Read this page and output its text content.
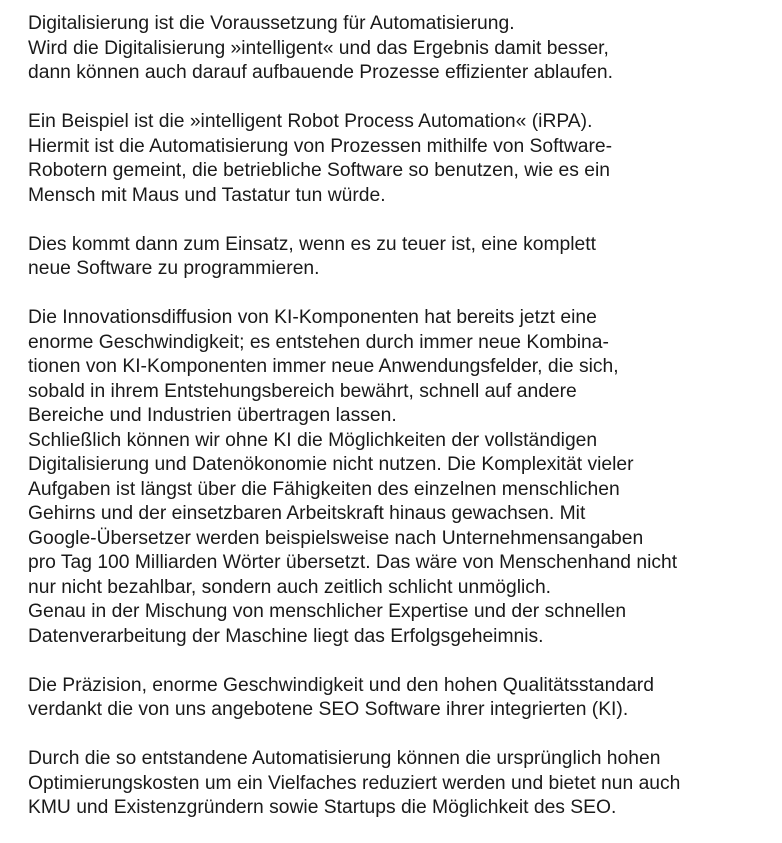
Digitalisierung ist die Voraussetzung für Automatisierung.
Wird die Digitalisierung »intelligent« und das Ergebnis damit besser,
dann können auch darauf aufbauende Prozesse effizienter ablaufen.

Ein Beispiel ist die »intelligent Robot Process Automation« (iRPA).
Hiermit ist die Automatisierung von Prozessen mithilfe von Software-
Robotern gemeint, die betriebliche Software so benutzen, wie es ein
Mensch mit Maus und Tastatur tun würde.

Dies kommt dann zum Einsatz, wenn es zu teuer ist, eine komplett
neue Software zu programmieren.

Die Innovationsdiffusion von KI-Komponenten hat bereits jetzt eine
enorme Geschwindigkeit; es entstehen durch immer neue Kombina-
tionen von KI-Komponenten immer neue Anwendungsfelder, die sich,
sobald in ihrem Entstehungsbereich bewährt, schnell auf andere
Bereiche und Industrien übertragen lassen.
Schließlich können wir ohne KI die Möglichkeiten der vollständigen
Digitalisierung und Datenökonomie nicht nutzen. Die Komplexität vieler
Aufgaben ist längst über die Fähigkeiten des einzelnen menschlichen
Gehirns und der einsetzbaren Arbeitskraft hinaus gewachsen. Mit
Google-Übersetzer werden beispielsweise nach Unternehmensangaben
pro Tag 100 Milliarden Wörter übersetzt. Das wäre von Menschenhand nicht
nur nicht bezahlbar, sondern auch zeitlich schlicht unmöglich.
Genau in der Mischung von menschlicher Expertise und der schnellen
Datenverarbeitung der Maschine liegt das Erfolgsgeheimnis.

Die Präzision, enorme Geschwindigkeit und den hohen Qualitätsstandard
verdankt die von uns angebotene SEO Software ihrer integrierten (KI).

Durch die so entstandene Automatisierung können die ursprünglich hohen
Optimierungskosten um ein Vielfaches reduziert werden und bietet nun auch
KMU und Existenzgründern sowie Startups die Möglichkeit des SEO.
